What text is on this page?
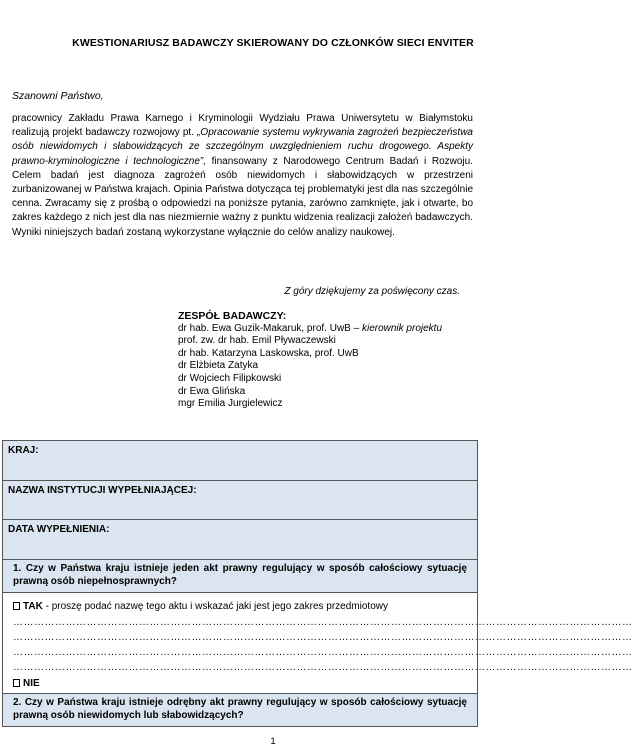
KWESTIONARIUSZ BADAWCZY SKIEROWANY DO CZŁONKÓW SIECI ENVITER
Szanowni Państwo,
pracownicy Zakładu Prawa Karnego i Kryminologii Wydziału Prawa Uniwersytetu w Białymstoku realizują projekt badawczy rozwojowy pt. „Opracowanie systemu wykrywania zagrożeń bezpieczeństwa osób niewidomych i słabowidzących ze szczególnym uwzględnieniem ruchu drogowego. Aspekty prawno-kryminologiczne i technologiczne”, finansowany z Narodowego Centrum Badań i Rozwoju. Celem badań jest diagnoza zagrożeń osób niewidomych i słabowidzących w przestrzeni zurbanizowanej w Państwa krajach. Opinia Państwa dotycząca tej problematyki jest dla nas szczególnie cenna. Zwracamy się z prośbą o odpowiedzi na poniższe pytania, zarówno zamknięte, jak i otwarte, bo zakres każdego z nich jest dla nas niezmiernie ważny z punktu widzenia realizacji założeń badawczych. Wyniki niniejszych badań zostaną wykorzystane wyłącznie do celów analizy naukowej.
Z góry dziękujemy za poświęcony czas.
ZESPÓŁ BADAWCZY:
dr hab. Ewa Guzik-Makaruk, prof. UwB – kierownik projektu
prof. zw. dr hab. Emil Pływaczewski
dr hab. Katarzyna Laskowska, prof. UwB
dr Elżbieta Zatyka
dr Wojciech Filipkowski
dr Ewa Glińska
mgr Emilia Jurgielewicz
KRAJ:
NAZWA INSTYTUCJI WYPEŁNIAJĄCEJ:
DATA WYPEŁNIENIA:
1. Czy w Państwa kraju istnieje jeden akt prawny regulujący w sposób całościowy sytuację prawną osób niepełnosprawnych?
TAK - proszę podać nazwę tego aktu i wskazać jaki jest jego zakres przedmiotowy
……………………………………………………………………………………………………………………………………………………………
……………………………………………………………………………………………………………………………………………………………
……………………………………………………………………………………………………………………………………………………………
……………………………………………………………………………………………………………………………………………………………
NIE
2. Czy w Państwa kraju istnieje odrębny akt prawny regulujący w sposób całościowy sytuację prawną osób niewidomych lub słabowidzących?
1
